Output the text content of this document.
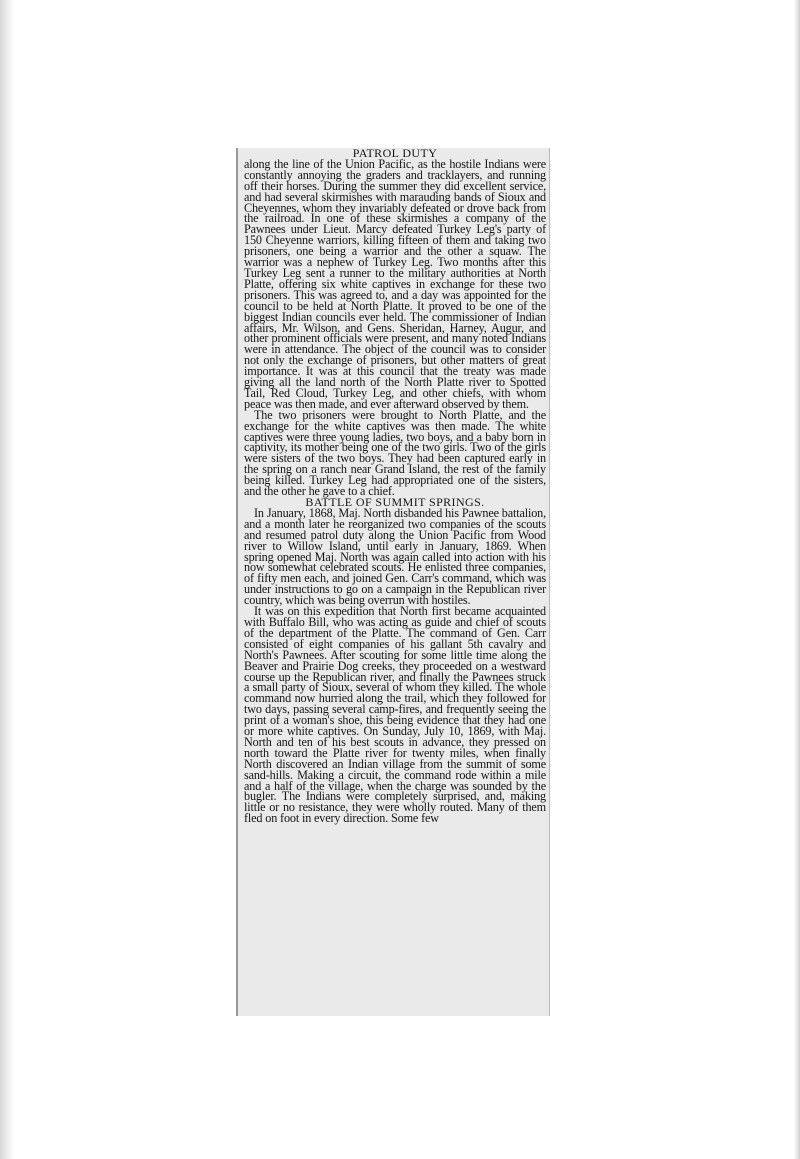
PATROL DUTY

along the line of the Union Pacific, as the hostile Indians were constantly annoying the graders and tracklayers, and running off their horses. During the summer they did excellent service, and had several skirmishes with marauding bands of Sioux and Cheyennes, whom they invariably defeated or drove back from the railroad. In one of these skirmishes a company of the Pawnees under Lieut. Marcy defeated Turkey Leg's party of 150 Cheyenne warriors, killing fifteen of them and taking two prisoners, one being a warrior and the other a squaw. The warrior was a nephew of Turkey Leg. Two months after this Turkey Leg sent a runner to the military authorities at North Platte, offering six white captives in exchange for these two prisoners. This was agreed to, and a day was appointed for the council to be held at North Platte. It proved to be one of the biggest Indian councils ever held. The commissioner of Indian affairs, Mr. Wilson, and Gens. Sheridan, Harney, Augur, and other prominent officials were present, and many noted Indians were in attendance. The object of the council was to consider not only the exchange of prisoners, but other matters of great importance. It was at this council that the treaty was made giving all the land north of the North Platte river to Spotted Tail, Red Cloud, Turkey Leg, and other chiefs, with whom peace was then made, and ever afterward observed by them.

The two prisoners were brought to North Platte, and the exchange for the white captives was then made. The white captives were three young ladies, two boys, and a baby born in captivity, its mother being one of the two girls. Two of the girls were sisters of the two boys. They had been captured early in the spring on a ranch near Grand Island, the rest of the family being killed. Turkey Leg had appropriated one of the sisters, and the other he gave to a chief.

BATTLE OF SUMMIT SPRINGS.

In January, 1868, Maj. North disbanded his Pawnee battalion, and a month later he reorganized two companies of the scouts and resumed patrol duty along the Union Pacific from Wood river to Willow Island, until early in January, 1869. When spring opened Maj. North was again called into action with his now somewhat celebrated scouts. He enlisted three companies, of fifty men each, and joined Gen. Carr's command, which was under instructions to go on a campaign in the Republican river country, which was being overrun with hostiles.

It was on this expedition that North first became acquainted with Buffalo Bill, who was acting as guide and chief of scouts of the department of the Platte. The command of Gen. Carr consisted of eight companies of his gallant 5th cavalry and North's Pawnees. After scouting for some little time along the Beaver and Prairie Dog creeks, they proceeded on a westward course up the Republican river, and finally the Pawnees struck a small party of Sioux, several of whom they killed. The whole command now hurried along the trail, which they followed for two days, passing several camp-fires, and frequently seeing the print of a woman's shoe, this being evidence that they had one or more white captives. On Sunday, July 10, 1869, with Maj. North and ten of his best scouts in advance, they pressed on north toward the Platte river for twenty miles, when finally North discovered an Indian village from the summit of some sand-hills. Making a circuit, the command rode within a mile and a half of the village, when the charge was sounded by the bugler. The Indians were completely surprised, and, making little or no resistance, they were wholly routed. Many of them fled on foot in every direction. Some few
